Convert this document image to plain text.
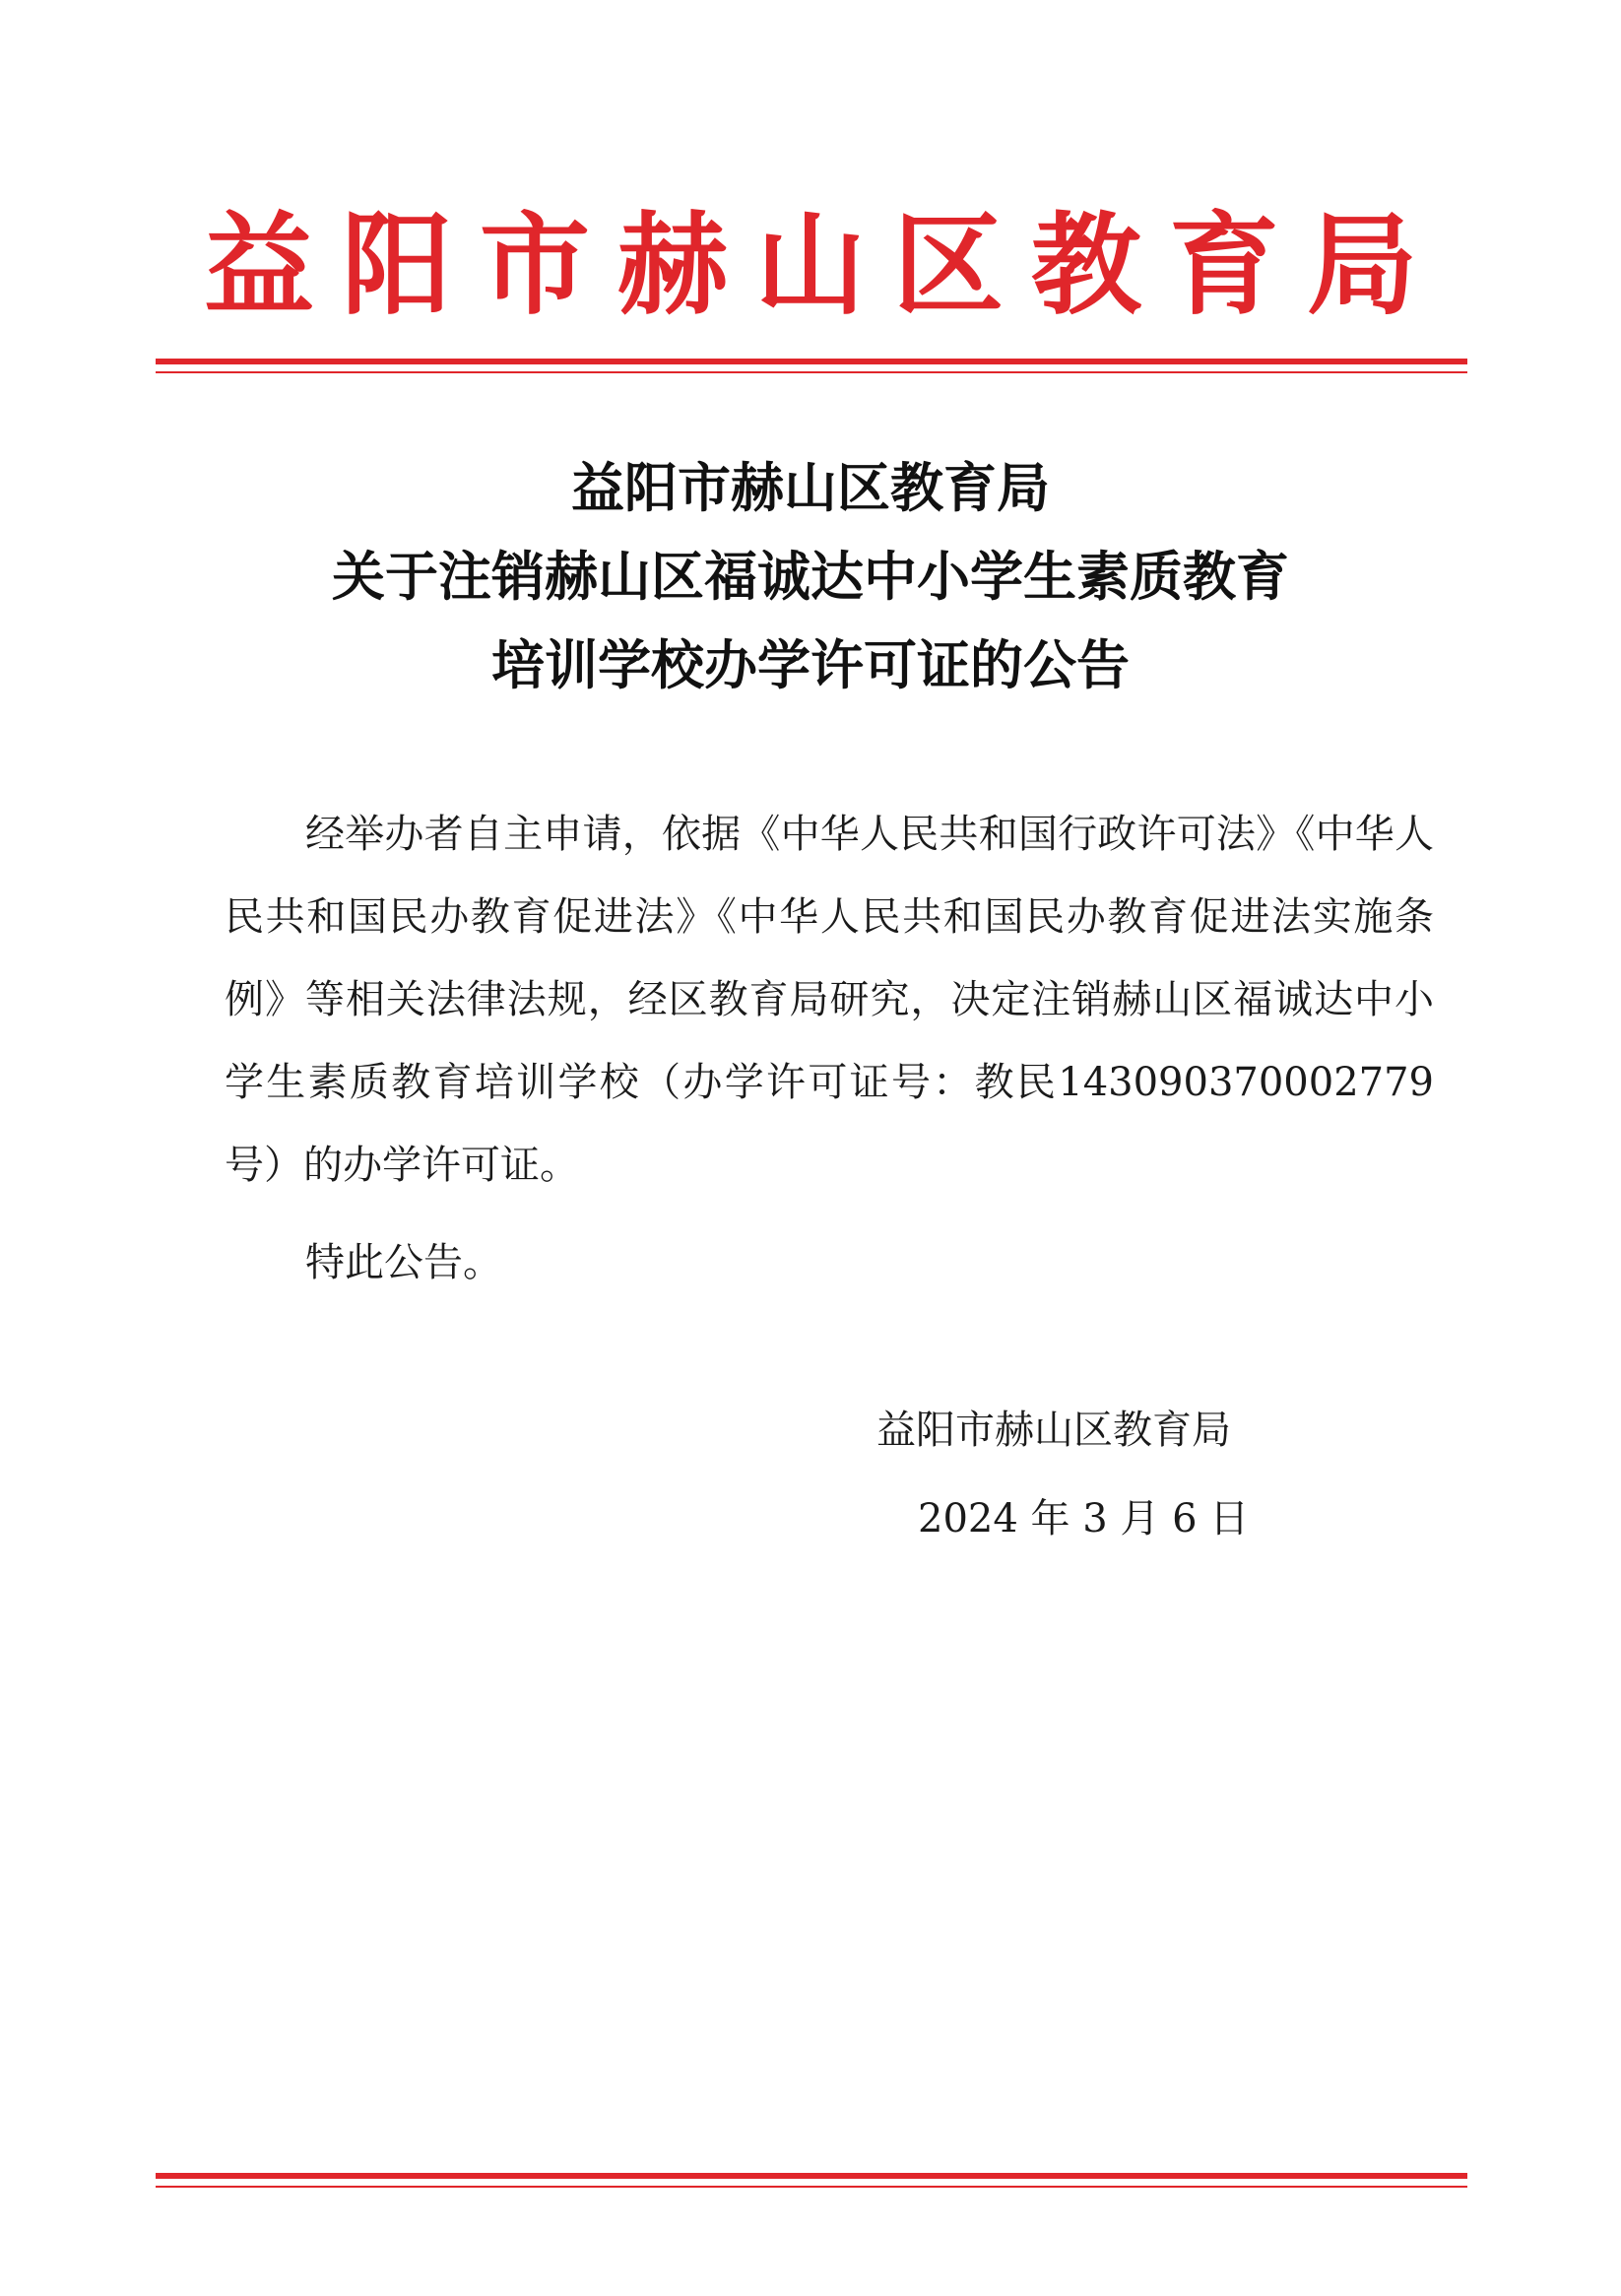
益阳市赫山区教育局
益阳市赫山区教育局
关于注销赫山区福诚达中小学生素质教育
培训学校办学许可证的公告
经举办者自主申请，依据《中华人民共和国行政许可法》《中华人民共和国民办教育促进法》《中华人民共和国民办教育促进法实施条例》等相关法律法规，经区教育局研究，决定注销赫山区福诚达中小学生素质教育培训学校（办学许可证号：教民143090370002779号）的办学许可证。
特此公告。
益阳市赫山区教育局
2024 年 3 月 6 日
